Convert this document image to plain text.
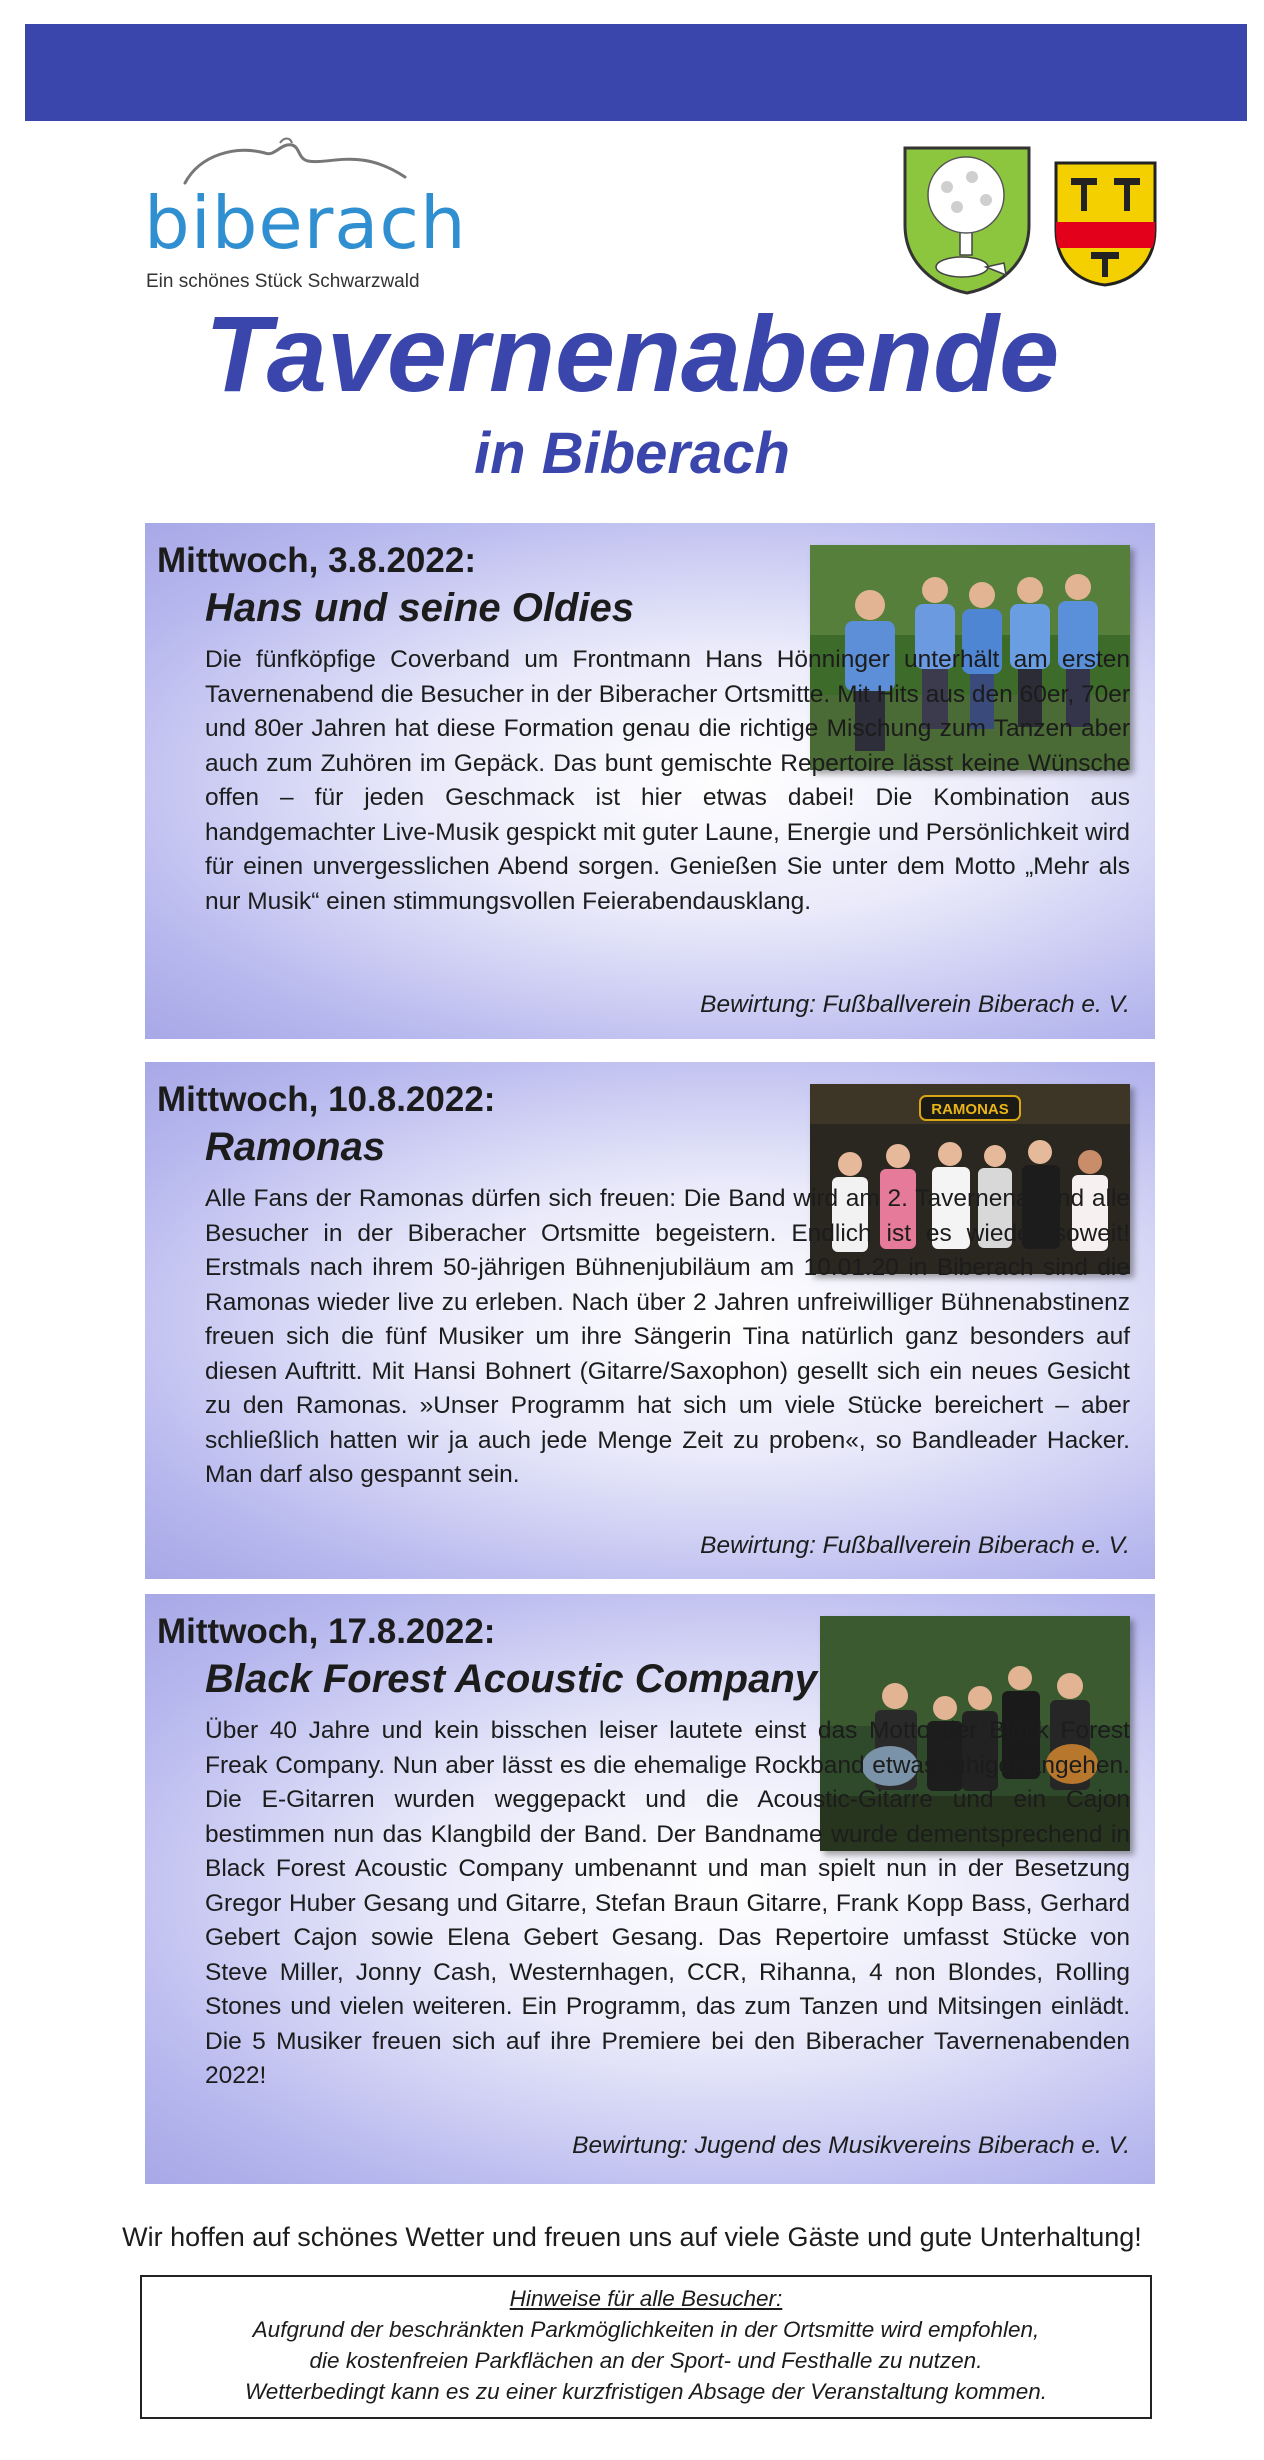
biberach
Ein schönes Stück Schwarzwald
Tavernenabende
in Biberach
Mittwoch, 3.8.2022:
Hans und seine Oldies

Die fünfköpfige Coverband um Frontmann Hans Hönninger unterhält am ersten Tavernenabend die Besucher in der Biberacher Ortsmitte. Mit Hits aus den 60er, 70er und 80er Jahren hat diese Formation genau die richtige Mischung zum Tanzen aber auch zum Zuhören im Gepäck. Das bunt gemischte Repertoire lässt keine Wünsche offen – für jeden Geschmack ist hier etwas dabei! Die Kombination aus handgemachter Live-Musik gespickt mit guter Laune, Energie und Persönlichkeit wird für einen unvergesslichen Abend sorgen. Genießen Sie unter dem Motto „Mehr als nur Musik“ einen stimmungsvollen Feierabendausklang.

Bewirtung: Fußballverein Biberach e. V.
Mittwoch, 10.8.2022:
Ramonas
RAMONAS

Alle Fans der Ramonas dürfen sich freuen: Die Band wird am 2. Tavernenabend alle Besucher in der Biberacher Ortsmitte begeistern. Endlich ist es wieder soweit! Erstmals nach ihrem 50-jährigen Bühnenjubiläum am 10.01.20 in Biberach sind die Ramonas wieder live zu erleben. Nach über 2 Jahren unfreiwilliger Bühnenabstinenz freuen sich die fünf Musiker um ihre Sängerin Tina natürlich ganz besonders auf diesen Auftritt. Mit Hansi Bohnert (Gitarre/Saxophon) gesellt sich ein neues Gesicht zu den Ramonas. »Unser Programm hat sich um viele Stücke bereichert – aber schließlich hatten wir ja auch jede Menge Zeit zu proben«, so Bandleader Hacker. Man darf also gespannt sein.

Bewirtung: Fußballverein Biberach e. V.
Mittwoch, 17.8.2022:
Black Forest Acoustic Company

Über 40 Jahre und kein bisschen leiser lautete einst das Motto der Black Forest Freak Company. Nun aber lässt es die ehemalige Rockband etwas ruhiger angehen. Die E-Gitarren wurden weggepackt und die Acoustic-Gitarre und ein Cajon bestimmen nun das Klangbild der Band. Der Bandname wurde dementsprechend in Black Forest Acoustic Company umbenannt und man spielt nun in der Besetzung Gregor Huber Gesang und Gitarre, Stefan Braun Gitarre, Frank Kopp Bass, Gerhard Gebert Cajon sowie Elena Gebert Gesang. Das Repertoire umfasst Stücke von Steve Miller, Jonny Cash, Westernhagen, CCR, Rihanna, 4 non Blondes, Rolling Stones und vielen weiteren. Ein Programm, das zum Tanzen und Mitsingen einlädt. Die 5 Musiker freuen sich auf ihre Premiere bei den Biberacher Tavernenabenden 2022!

Bewirtung: Jugend des Musikvereins Biberach e. V.
Wir hoffen auf schönes Wetter und freuen uns auf viele Gäste und gute Unterhaltung!
Hinweise für alle Besucher:
Aufgrund der beschränkten Parkmöglichkeiten in der Ortsmitte wird empfohlen,
die kostenfreien Parkflächen an der Sport- und Festhalle zu nutzen.
Wetterbedingt kann es zu einer kurzfristigen Absage der Veranstaltung kommen.
